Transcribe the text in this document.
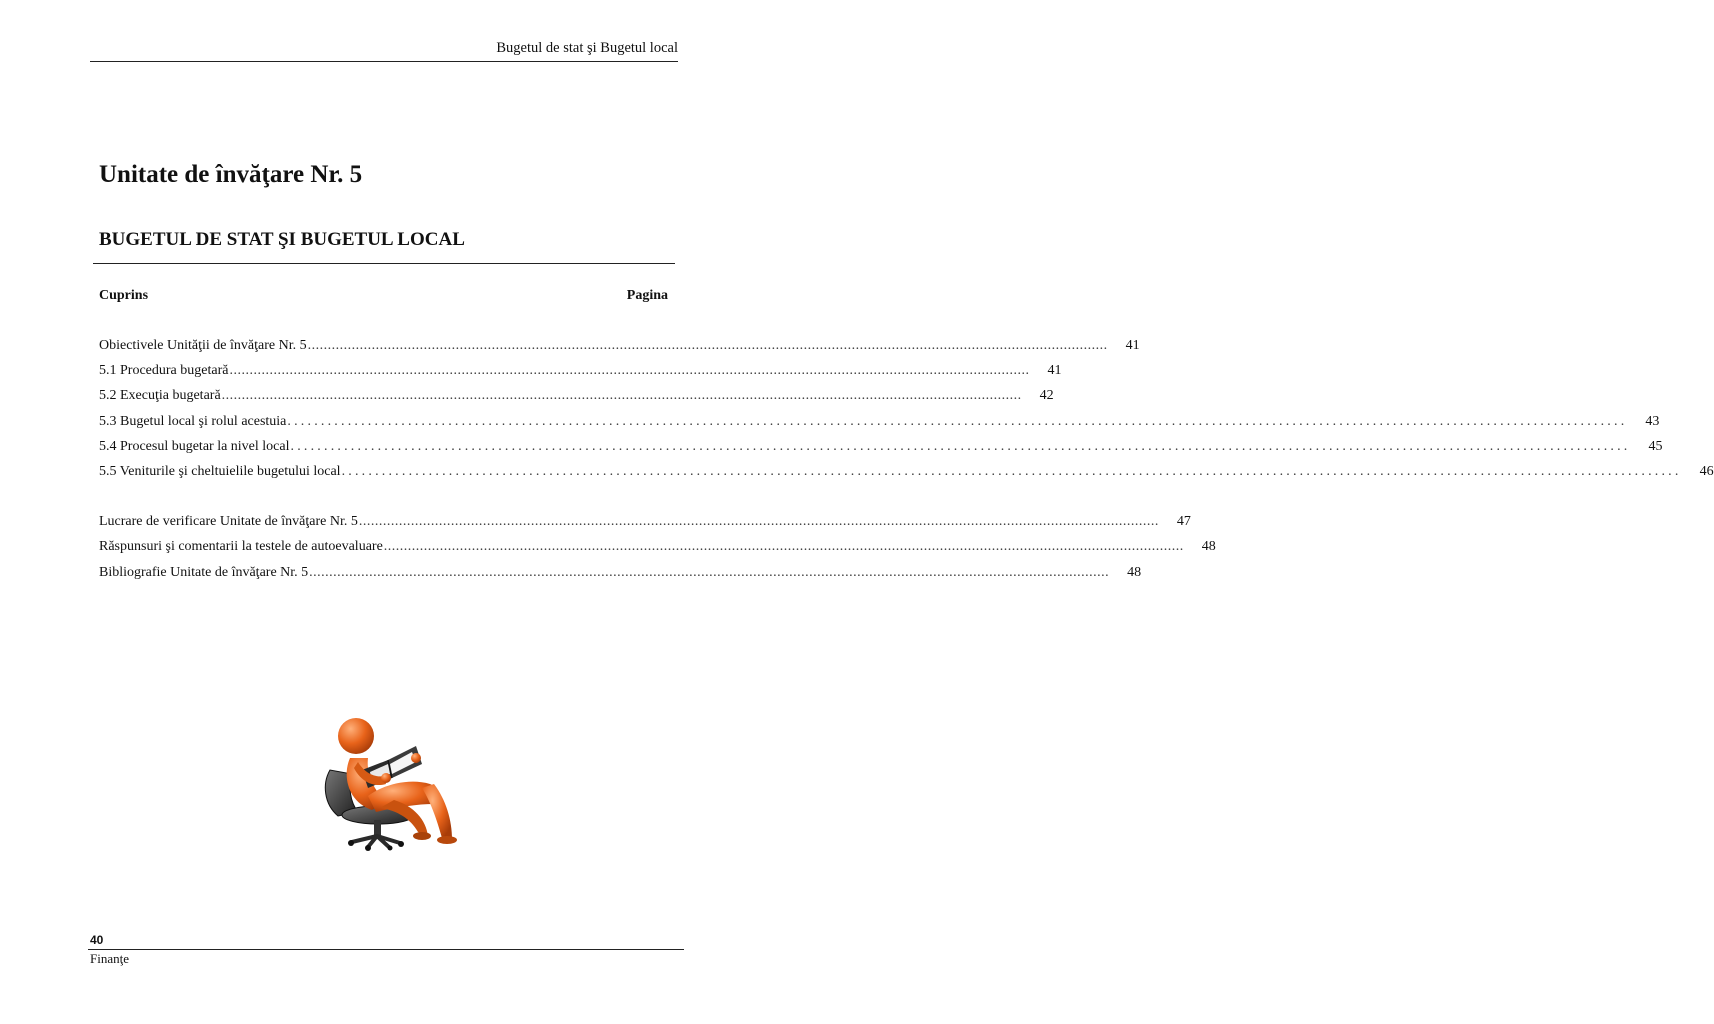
Bugetul de stat şi Bugetul local
Unitate de învăţare Nr. 5
BUGETUL DE STAT ŞI BUGETUL LOCAL
Cuprins	Pagina
Obiectivele Unităţii de învăţare Nr. 5 ........................................................................................................................................................................................................	41
5.1 Procedura bugetară ........................................................................................................................................................................................................	41
5.2 Execuţia bugetară ........................................................................................................................................................................................................	42
5.3 Bugetul local şi rolul acestuia ........................................................................................................................................................................................................	43
5.4 Procesul bugetar la nivel local ........................................................................................................................................................................................................	45
5.5 Veniturile şi cheltuielile bugetului local ........................................................................................................................................................................................................	46
Lucrare de verificare Unitate de învăţare Nr. 5 ........................................................................................................................................................................................................	47
Răspunsuri şi comentarii la testele de autoevaluare ........................................................................................................................................................................................................	48
Bibliografie Unitate de învăţare Nr. 5 ........................................................................................................................................................................................................	48
40
Finanţe
